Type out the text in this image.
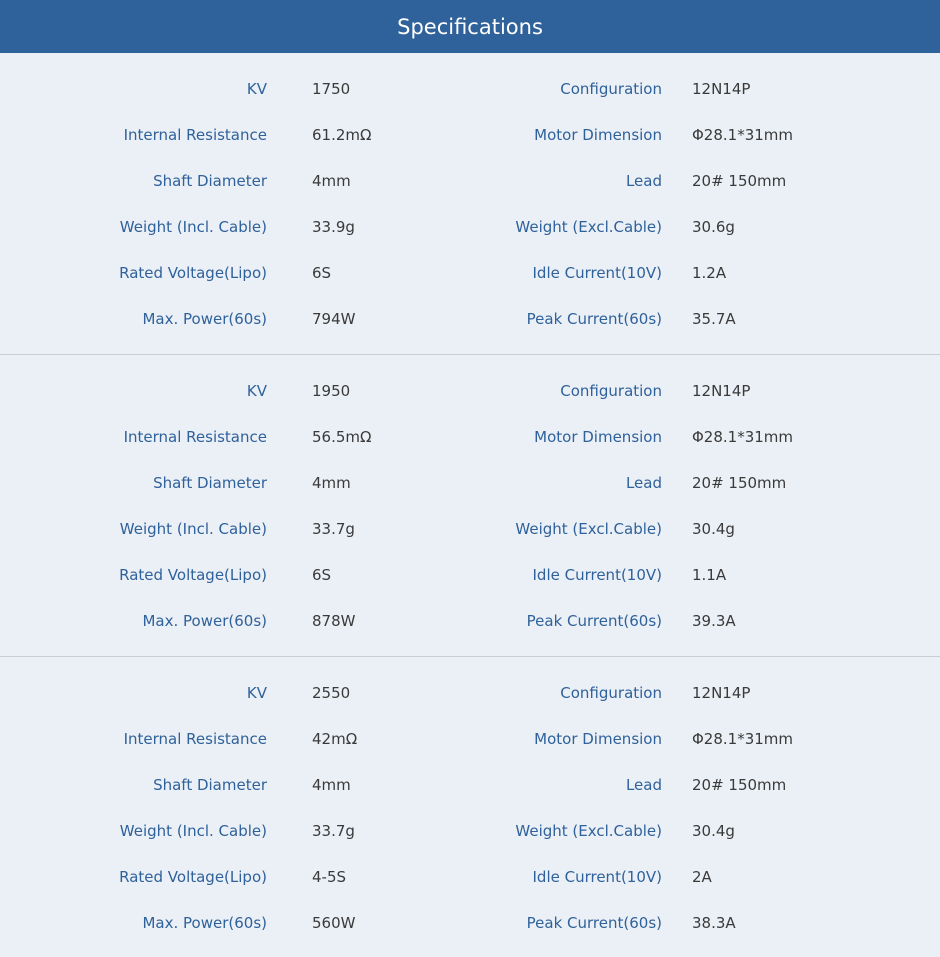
Specifications
KV	1750	Configuration 12N14P
Internal Resistance	61.2mΩ	Motor Dimension Φ28.1*31mm
Shaft Diameter	4mm	Lead 20# 150mm
Weight (Incl. Cable)	33.9g	Weight (Excl.Cable) 30.6g
Rated Voltage(Lipo)	6S	Idle Current(10V) 1.2A
Max. Power(60s)	794W	Peak Current(60s) 35.7A
KV	1950	Configuration 12N14P
Internal Resistance	56.5mΩ	Motor Dimension Φ28.1*31mm
Shaft Diameter	4mm	Lead 20# 150mm
Weight (Incl. Cable)	33.7g	Weight (Excl.Cable) 30.4g
Rated Voltage(Lipo)	6S	Idle Current(10V) 1.1A
Max. Power(60s)	878W	Peak Current(60s) 39.3A
KV	2550	Configuration 12N14P
Internal Resistance	42mΩ	Motor Dimension Φ28.1*31mm
Shaft Diameter	4mm	Lead 20# 150mm
Weight (Incl. Cable)	33.7g	Weight (Excl.Cable) 30.4g
Rated Voltage(Lipo)	4-5S	Idle Current(10V) 2A
Max. Power(60s)	560W	Peak Current(60s) 38.3A
